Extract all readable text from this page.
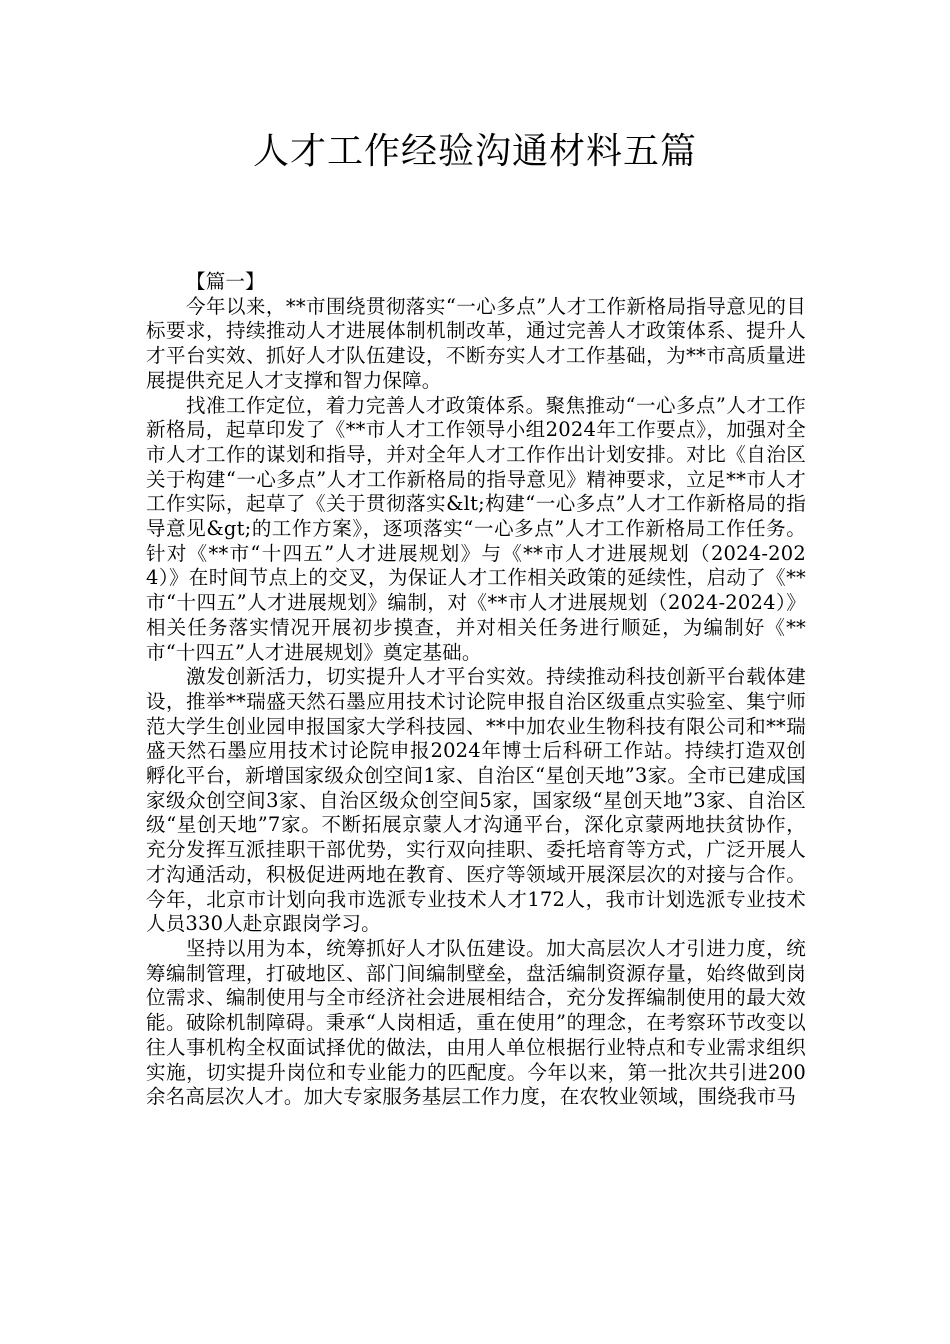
人才工作经验沟通材料五篇

【篇一】

今年以来，**市围绕贯彻落实“一心多点”人才工作新格局指导意见的目标要求，持续推动人才进展体制机制改革，通过完善人才政策体系、提升人才平台实效、抓好人才队伍建设，不断夯实人才工作基础，为**市高质量进展提供充足人才支撑和智力保障。

找准工作定位，着力完善人才政策体系。聚焦推动“一心多点”人才工作新格局，起草印发了《**市人才工作领导小组2024年工作要点》，加强对全市人才工作的谋划和指导，并对全年人才工作作出计划安排。对比《自治区关于构建“一心多点”人才工作新格局的指导意见》精神要求，立足**市人才工作实际，起草了《关于贯彻落实&lt;构建“一心多点”人才工作新格局的指导意见&gt;的工作方案》，逐项落实“一心多点”人才工作新格局工作任务。针对《**市“十四五”人才进展规划》与《**市人才进展规划（2024-2024）》在时间节点上的交叉，为保证人才工作相关政策的延续性，启动了《**市“十四五”人才进展规划》编制，对《**市人才进展规划（2024-2024）》相关任务落实情况开展初步摸查，并对相关任务进行顺延，为编制好《**市“十四五”人才进展规划》奠定基础。

激发创新活力，切实提升人才平台实效。持续推动科技创新平台载体建设，推举**瑞盛天然石墨应用技术讨论院申报自治区级重点实验室、集宁师范大学生创业园申报国家大学科技园、**中加农业生物科技有限公司和**瑞盛天然石墨应用技术讨论院申报2024年博士后科研工作站。持续打造双创孵化平台，新增国家级众创空间1家、自治区“星创天地”3家。全市已建成国家级众创空间3家、自治区级众创空间5家，国家级“星创天地”3家、自治区级“星创天地”7家。不断拓展京蒙人才沟通平台，深化京蒙两地扶贫协作，充分发挥互派挂职干部优势，实行双向挂职、委托培育等方式，广泛开展人才沟通活动，积极促进两地在教育、医疗等领域开展深层次的对接与合作。今年，北京市计划向我市选派专业技术人才172人，我市计划选派专业技术人员330人赴京跟岗学习。

坚持以用为本，统筹抓好人才队伍建设。加大高层次人才引进力度，统筹编制管理，打破地区、部门间编制壁垒，盘活编制资源存量，始终做到岗位需求、编制使用与全市经济社会进展相结合，充分发挥编制使用的最大效能。破除机制障碍。秉承“人岗相适，重在使用”的理念，在考察环节改变以往人事机构全权面试择优的做法，由用人单位根据行业特点和专业需求组织实施，切实提升岗位和专业能力的匹配度。今年以来，第一批次共引进200余名高层次人才。加大专家服务基层工作力度，在农牧业领域，围绕我市马
